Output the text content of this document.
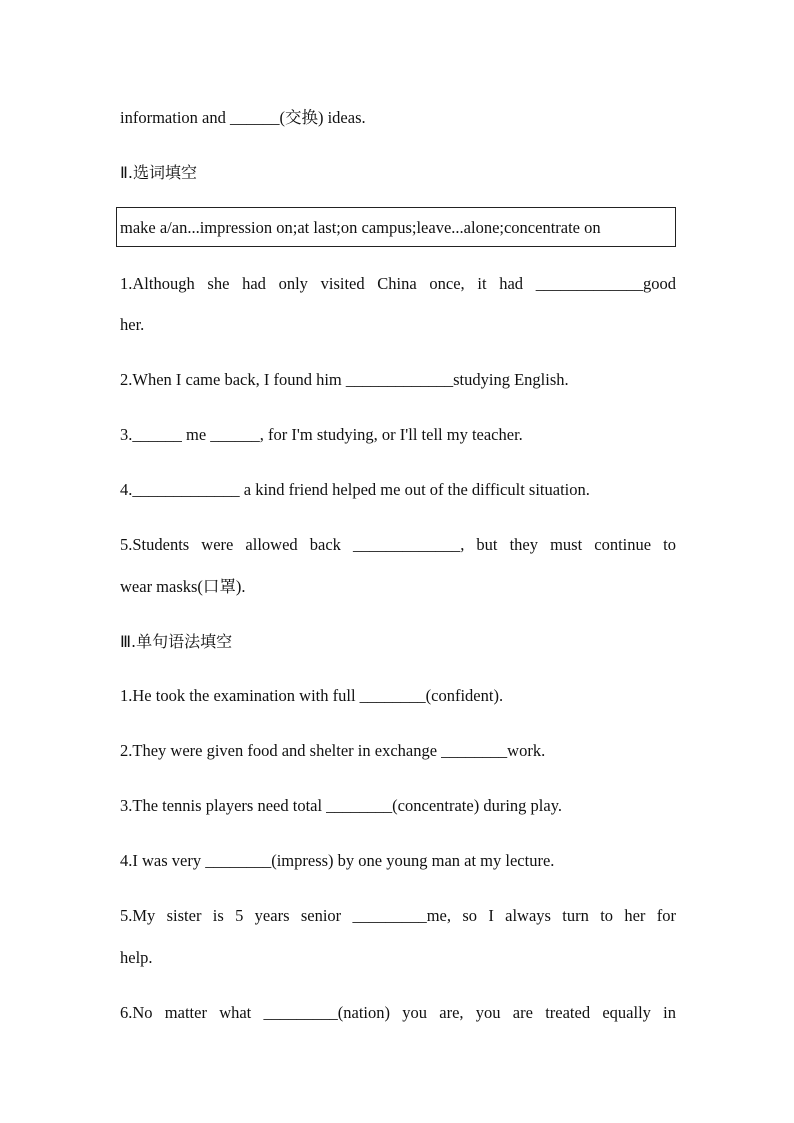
information and ______(交换) ideas.
Ⅱ.选词填空
make a/an...impression on;at last;on campus;leave...alone;concentrate on
1.Although she had only visited China once, it had _____________good
her.
2.When I came back, I found him _____________studying English.
3.______ me ______, for I'm studying, or I'll tell my teacher.
4._____________ a kind friend helped me out of the difficult situation.
5.Students were allowed back _____________, but they must continue to
wear masks(口罩).
Ⅲ.单句语法填空
1.He took the examination with full ________(confident).
2.They were given food and shelter in exchange ________work.
3.The tennis players need total ________(concentrate) during play.
4.I was very ________(impress) by one young man at my lecture.
5.My sister is 5 years senior _________me, so I always turn to her for
help.
6.No matter what _________(nation) you are, you are treated equally in
